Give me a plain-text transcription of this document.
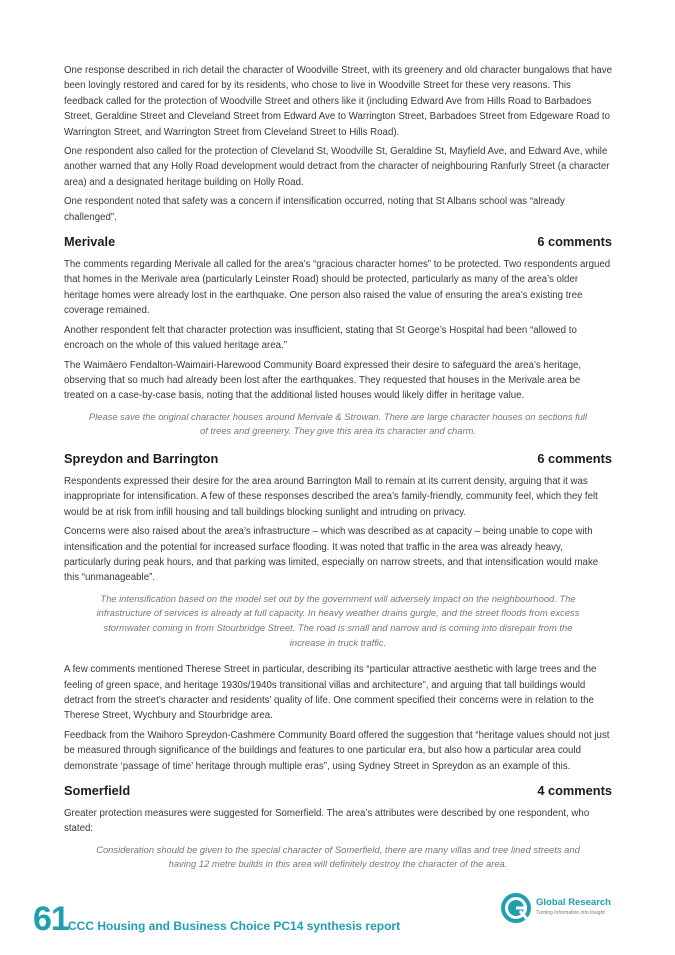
One response described in rich detail the character of Woodville Street, with its greenery and old character bungalows that have been lovingly restored and cared for by its residents, who chose to live in Woodville Street for these very reasons. This feedback called for the protection of Woodville Street and others like it (including Edward Ave from Hills Road to Barbadoes Street, Geraldine Street and Cleveland Street from Edward Ave to Warrington Street, Barbadoes Street from Edgeware Road to Warrington Street, and Warrington Street from Cleveland Street to Hills Road).

One respondent also called for the protection of Cleveland St, Woodville St, Geraldine St, Mayfield Ave, and Edward Ave, while another warned that any Holly Road development would detract from the character of neighbouring Ranfurly Street (a character area) and a designated heritage building on Holly Road.

One respondent noted that safety was a concern if intensification occurred, noting that St Albans school was “already challenged”.

Merivale	6 comments

The comments regarding Merivale all called for the area’s “gracious character homes” to be protected. Two respondents argued that homes in the Merivale area (particularly Leinster Road) should be protected, particularly as many of the area’s older heritage homes were already lost in the earthquake. One person also raised the value of ensuring the area’s existing tree coverage remained.

Another respondent felt that character protection was insufficient, stating that St George’s Hospital had been “allowed to encroach on the whole of this valued heritage area.”

The Waimāero Fendalton-Waimairi-Harewood Community Board expressed their desire to safeguard the area’s heritage, observing that so much had already been lost after the earthquakes. They requested that houses in the Merivale area be treated on a case-by-case basis, noting that the additional listed houses would likely differ in heritage value.

Please save the original character houses around Merivale & Strowan. There are large character houses on sections full of trees and greenery. They give this area its character and charm.
Spreydon and Barrington	6 comments

Respondents expressed their desire for the area around Barrington Mall to remain at its current density, arguing that it was inappropriate for intensification. A few of these responses described the area’s family-friendly, community feel, which they felt would be at risk from infill housing and tall buildings blocking sunlight and intruding on privacy.

Concerns were also raised about the area’s infrastructure – which was described as at capacity – being unable to cope with intensification and the potential for increased surface flooding. It was noted that traffic in the area was already heavy, particularly during peak hours, and that parking was limited, especially on narrow streets, and that intensification would make this “unmanageable”.

The intensification based on the model set out by the government will adversely impact on the neighbourhood. The infrastructure of services is already at full capacity. In heavy weather drains gurgle, and the street floods from excess stormwater coming in from Stourbridge Street. The road is small and narrow and is coming into disrepair from the increase in truck traffic.

A few comments mentioned Therese Street in particular, describing its “particular attractive aesthetic with large trees and the feeling of green space, and heritage 1930s/1940s transitional villas and architecture”, and arguing that tall buildings would detract from the street’s character and residents’ quality of life. One comment specified their concerns were in relation to the Therese Street, Wychbury and Stourbridge area.

Feedback from the Waihoro Spreydon-Cashmere Community Board offered the suggestion that “heritage values should not just be measured through significance of the buildings and features to one particular era, but also how a particular area could demonstrate ‘passage of time’ heritage through multiple eras”, using Sydney Street in Spreydon as an example of this.

Somerfield	4 comments

Greater protection measures were suggested for Somerfield. The area’s attributes were described by one respondent, who stated:

Consideration should be given to the special character of Somerfield, there are many villas and tree lined streets and having 12 metre builds in this area will definitely destroy the character of the area.
61 CCC Housing and Business Choice PC14 synthesis report
Global Research
Turning Information into Insight
